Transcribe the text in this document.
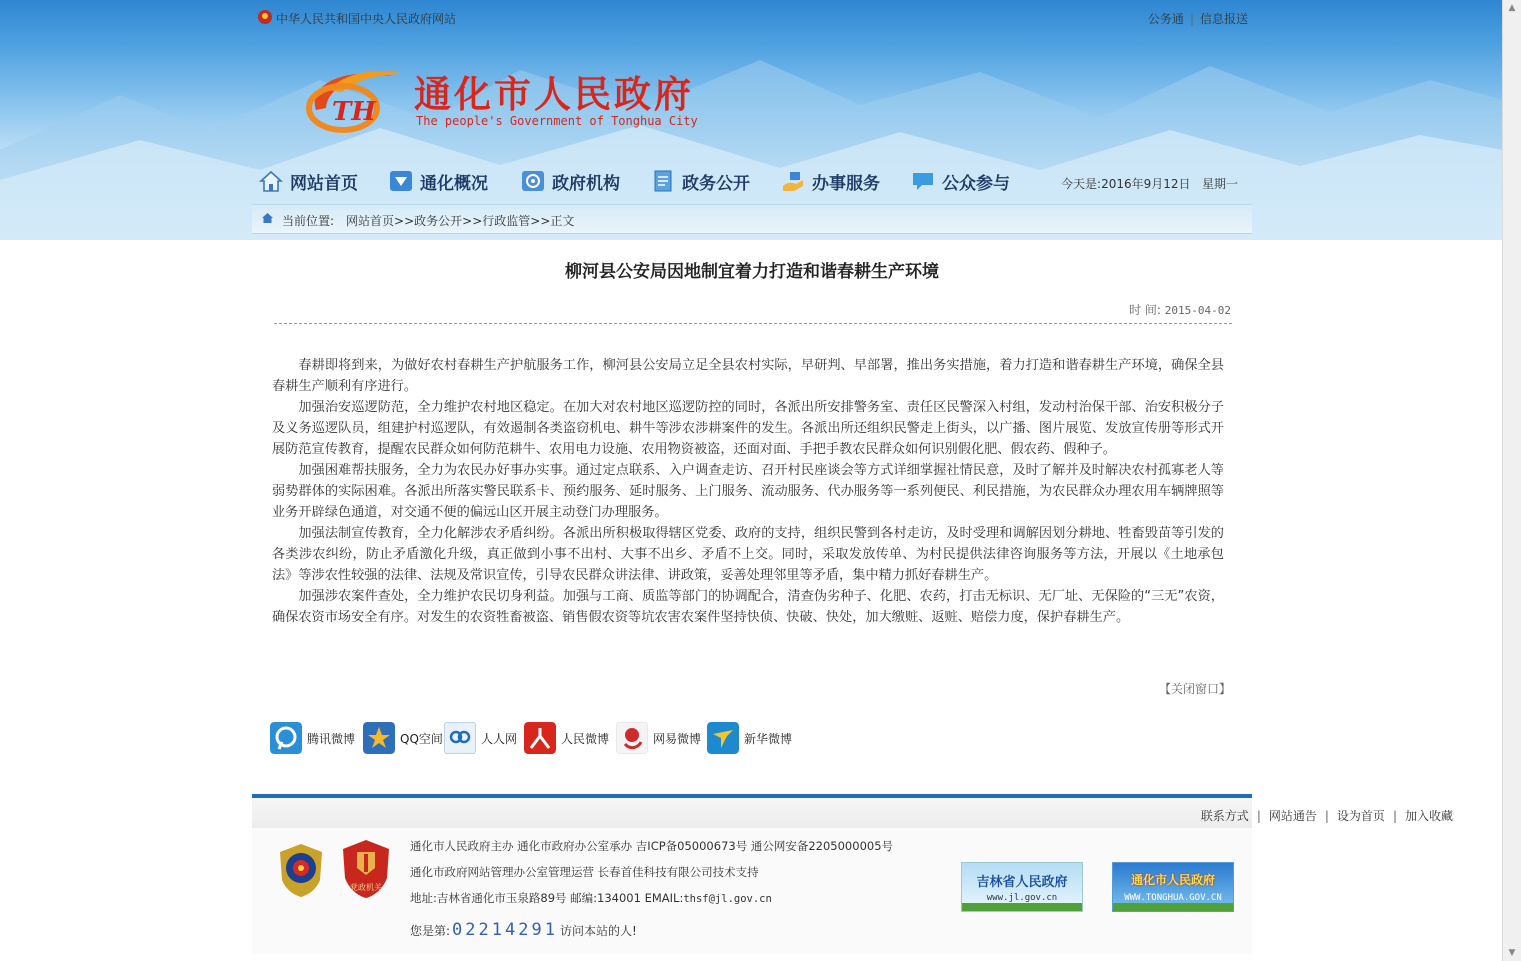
▲
▼
中华人民共和国中央人民政府网站	公务通 | 信息报送
TH 通化市人民政府
The people's Government of Tonghua City
网站首页	通化概况	政府机构	政务公开	办事服务	公众参与	今天是:2016年9月12日 星期一
当前位置: 网站首页>>政务公开>>行政监管>>正文
柳河县公安局因地制宜着力打造和谐春耕生产环境
时 间: 2015-04-02

春耕即将到来，为做好农村春耕生产护航服务工作，柳河县公安局立足全县农村实际，早研判、早部署，推出务实措施，着力打造和谐春耕生产环境，确保全县春耕生产顺利有序进行。

加强治安巡逻防范，全力维护农村地区稳定。在加大对农村地区巡逻防控的同时，各派出所安排警务室、责任区民警深入村组，发动村治保干部、治安积极分子及义务巡逻队员，组建护村巡逻队，有效遏制各类盗窃机电、耕牛等涉农涉耕案件的发生。各派出所还组织民警走上街头，以广播、图片展览、发放宣传册等形式开展防范宣传教育，提醒农民群众如何防范耕牛、农用电力设施、农用物资被盗，还面对面、手把手教农民群众如何识别假化肥、假农药、假种子。

加强困难帮扶服务，全力为农民办好事办实事。通过定点联系、入户调查走访、召开村民座谈会等方式详细掌握社情民意，及时了解并及时解决农村孤寡老人等弱势群体的实际困难。各派出所落实警民联系卡、预约服务、延时服务、上门服务、流动服务、代办服务等一系列便民、利民措施，为农民群众办理农用车辆牌照等业务开辟绿色通道，对交通不便的偏远山区开展主动登门办理服务。

加强法制宣传教育，全力化解涉农矛盾纠纷。各派出所积极取得辖区党委、政府的支持，组织民警到各村走访，及时受理和调解因划分耕地、牲畜毁苗等引发的各类涉农纠纷，防止矛盾激化升级，真正做到小事不出村、大事不出乡、矛盾不上交。同时，采取发放传单、为村民提供法律咨询服务等方法，开展以《土地承包法》等涉农性较强的法律、法规及常识宣传，引导农民群众讲法律、讲政策，妥善处理邻里等矛盾，集中精力抓好春耕生产。

加强涉农案件查处，全力维护农民切身利益。加强与工商、质监等部门的协调配合，清查伪劣种子、化肥、农药，打击无标识、无厂址、无保险的“三无”农资，确保农资市场安全有序。对发生的农资牲畜被盗、销售假农资等坑农害农案件坚持快侦、快破、快处，加大缴赃、返赃、赔偿力度，保护春耕生产。

【关闭窗口】
腾讯微博	QQ空间	人人网	人民微博	网易微博	新华微博
联系方式 | 网站通告 | 设为首页 | 加入收藏
党政机关
通化市人民政府主办 通化市政府办公室承办 吉ICP备05000673号 通公网安备2205000005号
通化市政府网站管理办公室管理运营 长春首佳科技有限公司技术支持
地址:吉林省通化市玉泉路89号 邮编:134001 EMAIL:thsf@jl.gov.cn
您是第: 02214291 访问本站的人!
吉林省人民政府
www.jl.gov.cn
通化市人民政府
WWW.TONGHUA.GOV.CN
